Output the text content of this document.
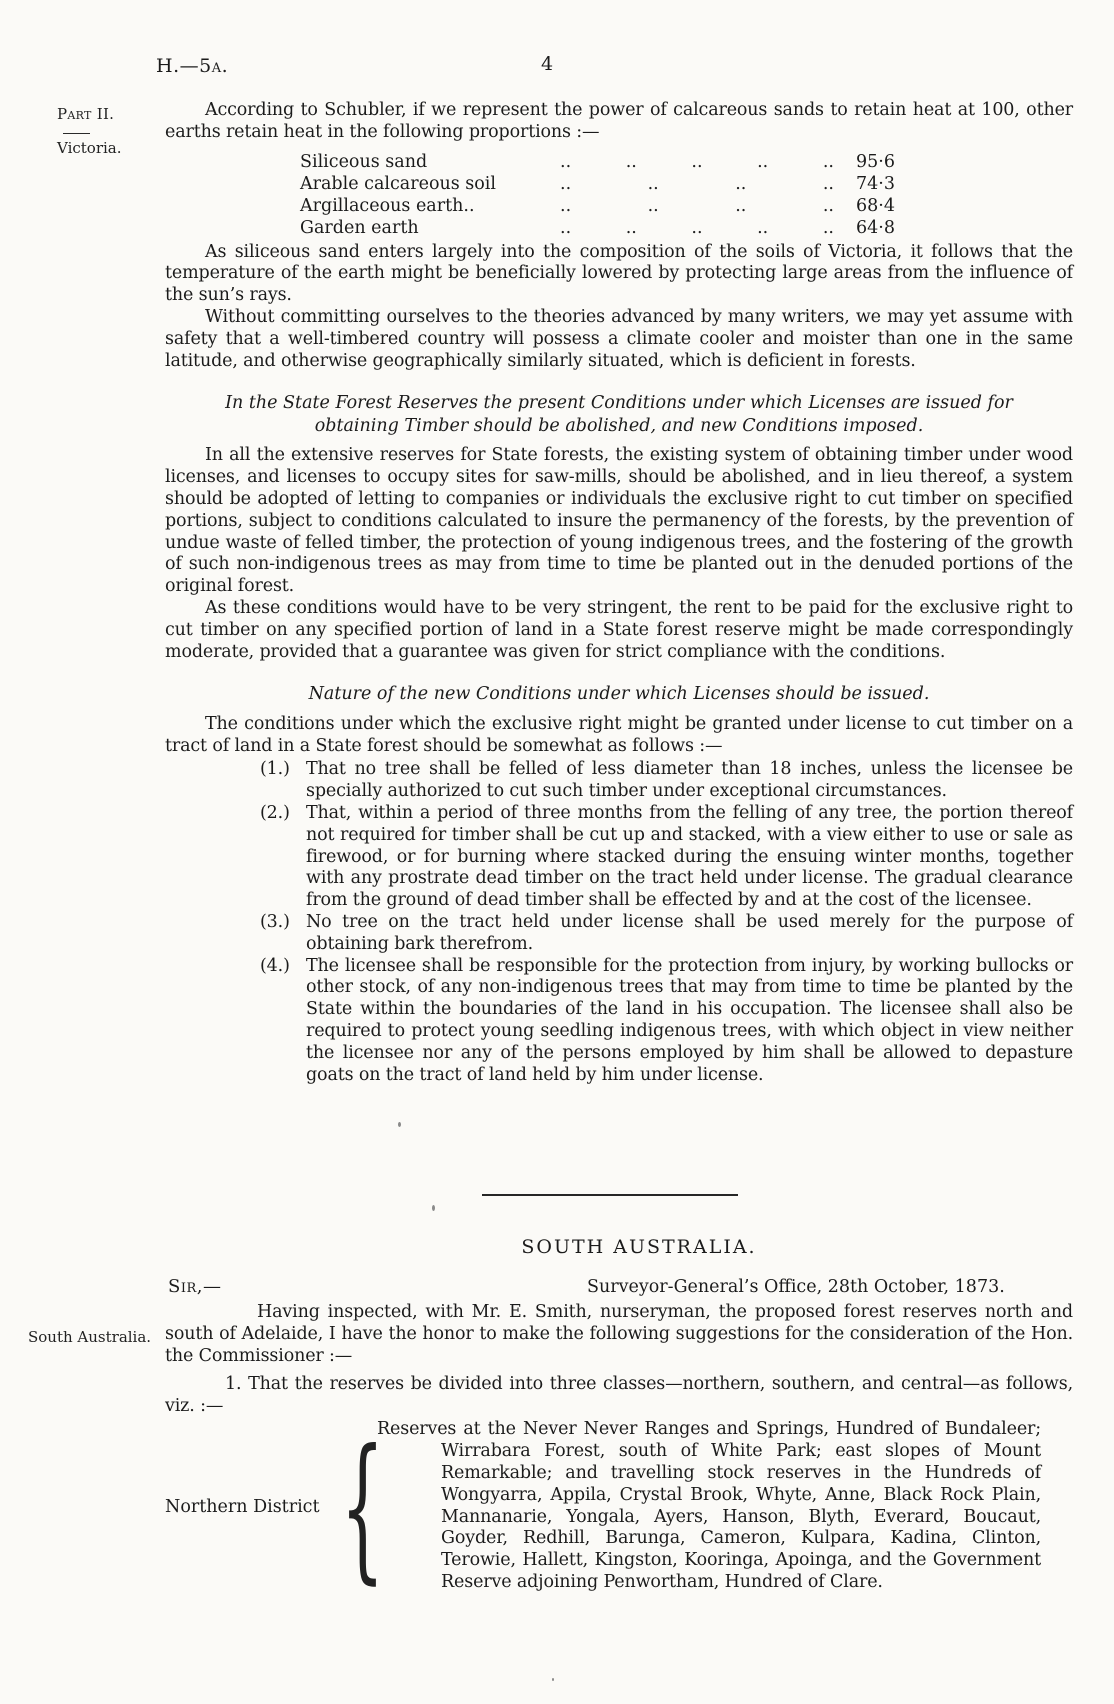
H.—5a.	4
Part II.
Victoria.
South Australia.

According to Schubler, if we represent the power of calcareous sands to retain heat at 100, other earths retain heat in the following proportions :—

Siliceous sand	..	..	..	..	.. 95·6
Arable calcareous soil	..	..	..	.. 74·3
Argillaceous earth..	..	..	..	.. 68·4
Garden earth	..	..	..	..	.. 64·8

As siliceous sand enters largely into the composition of the soils of Victoria, it follows that the temperature of the earth might be beneficially lowered by protecting large areas from the influence of the sun’s rays.

Without committing ourselves to the theories advanced by many writers, we may yet assume with safety that a well-timbered country will possess a climate cooler and moister than one in the same latitude, and otherwise geographically similarly situated, which is deficient in forests.

In the State Forest Reserves the present Conditions under which Licenses are issued for obtaining Timber should be abolished, and new Conditions imposed.

In all the extensive reserves for State forests, the existing system of obtaining timber under wood licenses, and licenses to occupy sites for saw-mills, should be abolished, and in lieu thereof, a system should be adopted of letting to companies or individuals the exclusive right to cut timber on specified portions, subject to conditions calculated to insure the permanency of the forests, by the prevention of undue waste of felled timber, the protection of young indigenous trees, and the fostering of the growth of such non-indigenous trees as may from time to time be planted out in the denuded portions of the original forest.

As these conditions would have to be very stringent, the rent to be paid for the exclusive right to cut timber on any specified portion of land in a State forest reserve might be made correspondingly moderate, provided that a guarantee was given for strict compliance with the conditions.

Nature of the new Conditions under which Licenses should be issued.

The conditions under which the exclusive right might be granted under license to cut timber on a tract of land in a State forest should be somewhat as follows :—

(1.) That no tree shall be felled of less diameter than 18 inches, unless the licensee be specially authorized to cut such timber under exceptional circumstances.
(2.) That, within a period of three months from the felling of any tree, the portion thereof not required for timber shall be cut up and stacked, with a view either to use or sale as firewood, or for burning where stacked during the ensuing winter months, together with any prostrate dead timber on the tract held under license. The gradual clearance from the ground of dead timber shall be effected by and at the cost of the licensee.
(3.) No tree on the tract held under license shall be used merely for the purpose of obtaining bark therefrom.
(4.) The licensee shall be responsible for the protection from injury, by working bullocks or other stock, of any non-indigenous trees that may from time to time be planted by the State within the boundaries of the land in his occupation. The licensee shall also be required to protect young seedling indigenous trees, with which object in view neither the licensee nor any of the persons employed by him shall be allowed to depasture goats on the tract of land held by him under license.

SOUTH AUSTRALIA.

Sir,—	Surveyor-General’s Office, 28th October, 1873.

Having inspected, with Mr. E. Smith, nurseryman, the proposed forest reserves north and south of Adelaide, I have the honor to make the following suggestions for the consideration of the Hon. the Commissioner :—

1. That the reserves be divided into three classes—northern, southern, and central—as follows, viz. :—

Northern District {
Reserves at the Never Never Ranges and Springs, Hundred of Bundaleer; Wirrabara Forest, south of White Park; east slopes of Mount Remarkable; and travelling stock reserves in the Hundreds of Wongyarra, Appila, Crystal Brook, Whyte, Anne, Black Rock Plain, Mannanarie, Yongala, Ayers, Hanson, Blyth, Everard, Boucaut, Goyder, Redhill, Barunga, Cameron, Kulpara, Kadina, Clinton, Terowie, Hallett, Kingston, Kooringa, Apoinga, and the Government Reserve adjoining Penwortham, Hundred of Clare.
